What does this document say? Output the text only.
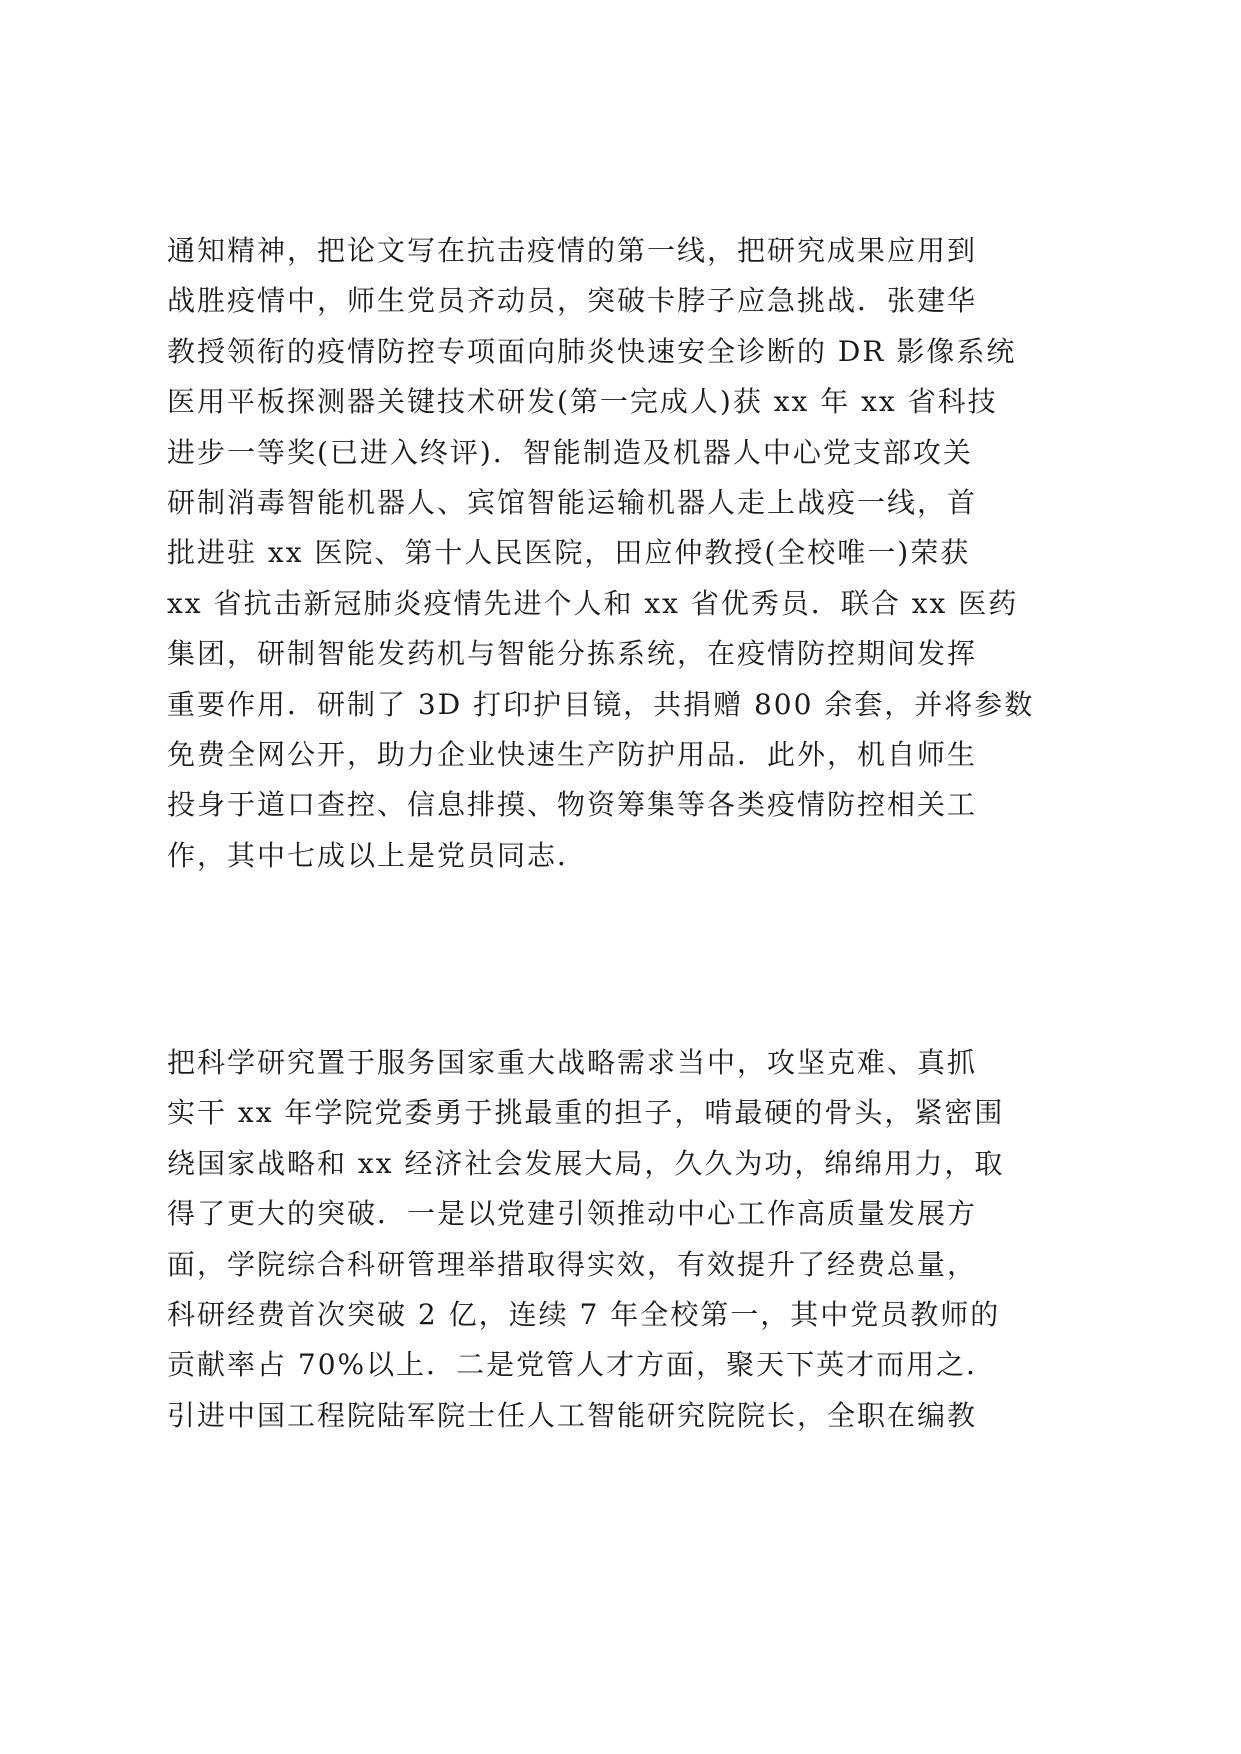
通知精神，把论文写在抗击疫情的第一线，把研究成果应用到
战胜疫情中，师生党员齐动员，突破卡脖子应急挑战．张建华
教授领衔的疫情防控专项面向肺炎快速安全诊断的 DR 影像系统
医用平板探测器关键技术研发(第一完成人)获 xx 年 xx 省科技
进步一等奖(已进入终评)．智能制造及机器人中心党支部攻关
研制消毒智能机器人、宾馆智能运输机器人走上战疫一线，首
批进驻 xx 医院、第十人民医院，田应仲教授(全校唯一)荣获
xx 省抗击新冠肺炎疫情先进个人和 xx 省优秀员．联合 xx 医药
集团，研制智能发药机与智能分拣系统，在疫情防控期间发挥
重要作用．研制了 3D 打印护目镜，共捐赠 800 余套，并将参数
免费全网公开，助力企业快速生产防护用品．此外，机自师生
投身于道口查控、信息排摸、物资筹集等各类疫情防控相关工
作，其中七成以上是党员同志．
把科学研究置于服务国家重大战略需求当中，攻坚克难、真抓
实干 xx 年学院党委勇于挑最重的担子，啃最硬的骨头，紧密围
绕国家战略和 xx 经济社会发展大局，久久为功，绵绵用力，取
得了更大的突破．一是以党建引领推动中心工作高质量发展方
面，学院综合科研管理举措取得实效，有效提升了经费总量，
科研经费首次突破 2 亿，连续 7 年全校第一，其中党员教师的
贡献率占 70%以上．二是党管人才方面，聚天下英才而用之．
引进中国工程院陆军院士任人工智能研究院院长，全职在编教
